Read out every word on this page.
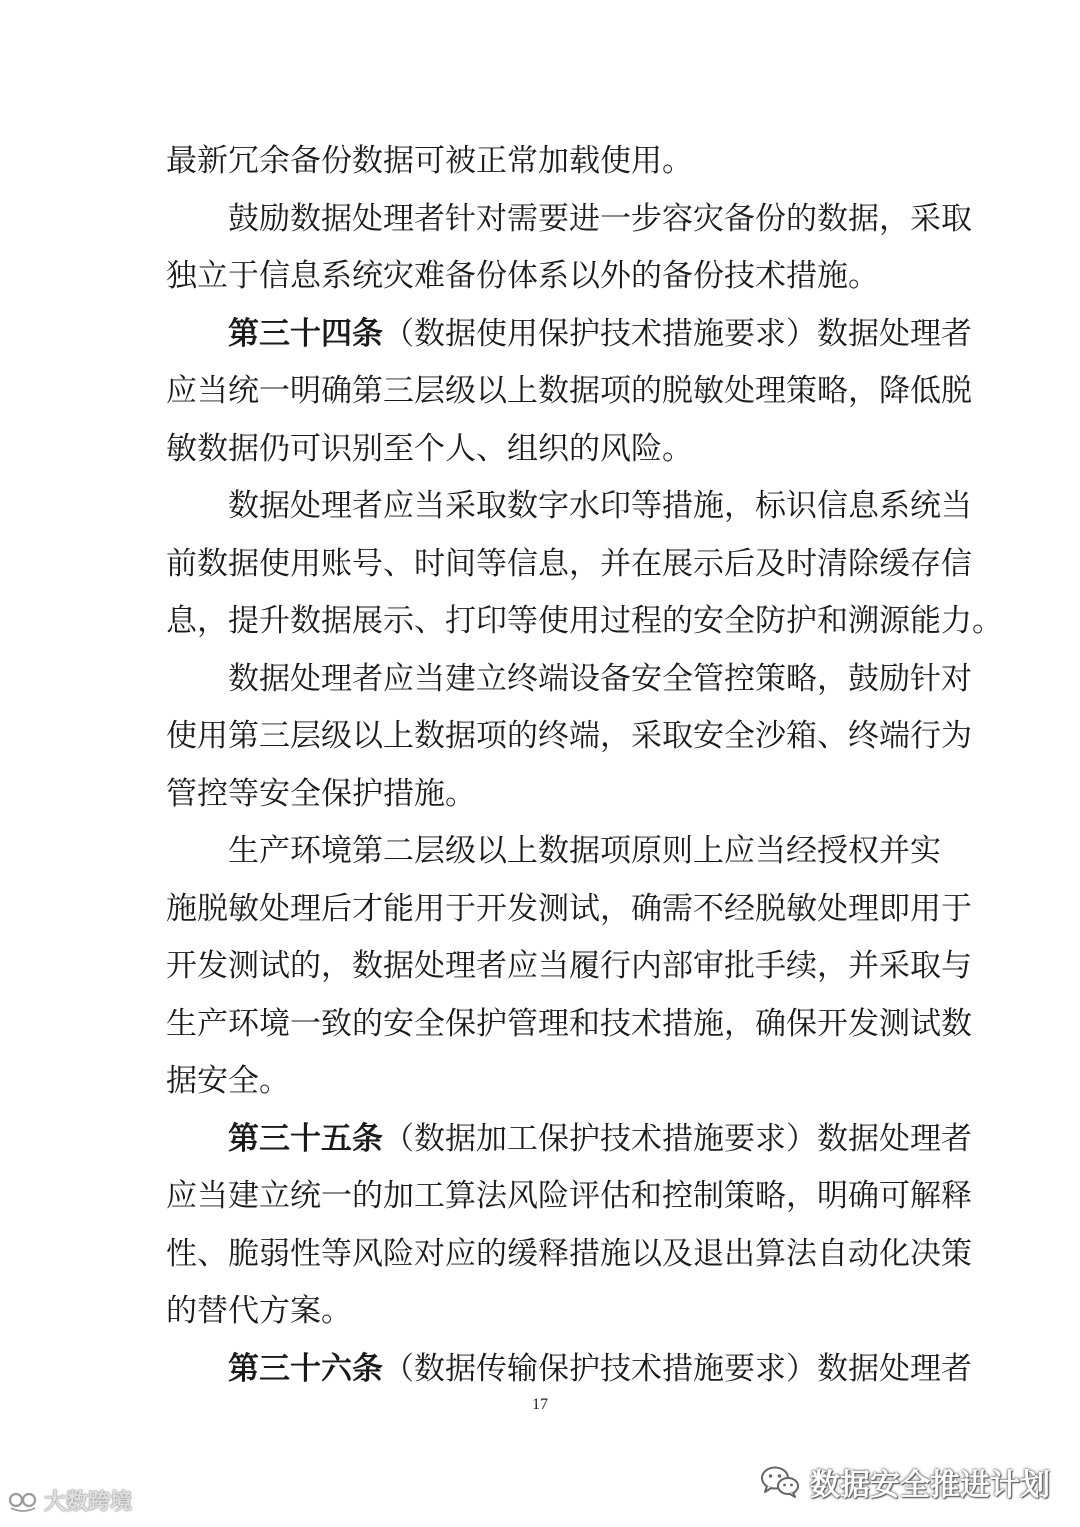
最新冗余备份数据可被正常加载使用。
鼓励数据处理者针对需要进一步容灾备份的数据，采取
独立于信息系统灾难备份体系以外的备份技术措施。
第三十四条（数据使用保护技术措施要求）数据处理者
应当统一明确第三层级以上数据项的脱敏处理策略，降低脱
敏数据仍可识别至个人、组织的风险。
数据处理者应当采取数字水印等措施，标识信息系统当
前数据使用账号、时间等信息，并在展示后及时清除缓存信
息，提升数据展示、打印等使用过程的安全防护和溯源能力。
数据处理者应当建立终端设备安全管控策略，鼓励针对
使用第三层级以上数据项的终端，采取安全沙箱、终端行为
管控等安全保护措施。
生产环境第二层级以上数据项原则上应当经授权并实
施脱敏处理后才能用于开发测试，确需不经脱敏处理即用于
开发测试的，数据处理者应当履行内部审批手续，并采取与
生产环境一致的安全保护管理和技术措施，确保开发测试数
据安全。
第三十五条（数据加工保护技术措施要求）数据处理者
应当建立统一的加工算法风险评估和控制策略，明确可解释
性、脆弱性等风险对应的缓释措施以及退出算法自动化决策
的替代方案。
第三十六条（数据传输保护技术措施要求）数据处理者
17
大数跨境	数据安全推进计划
